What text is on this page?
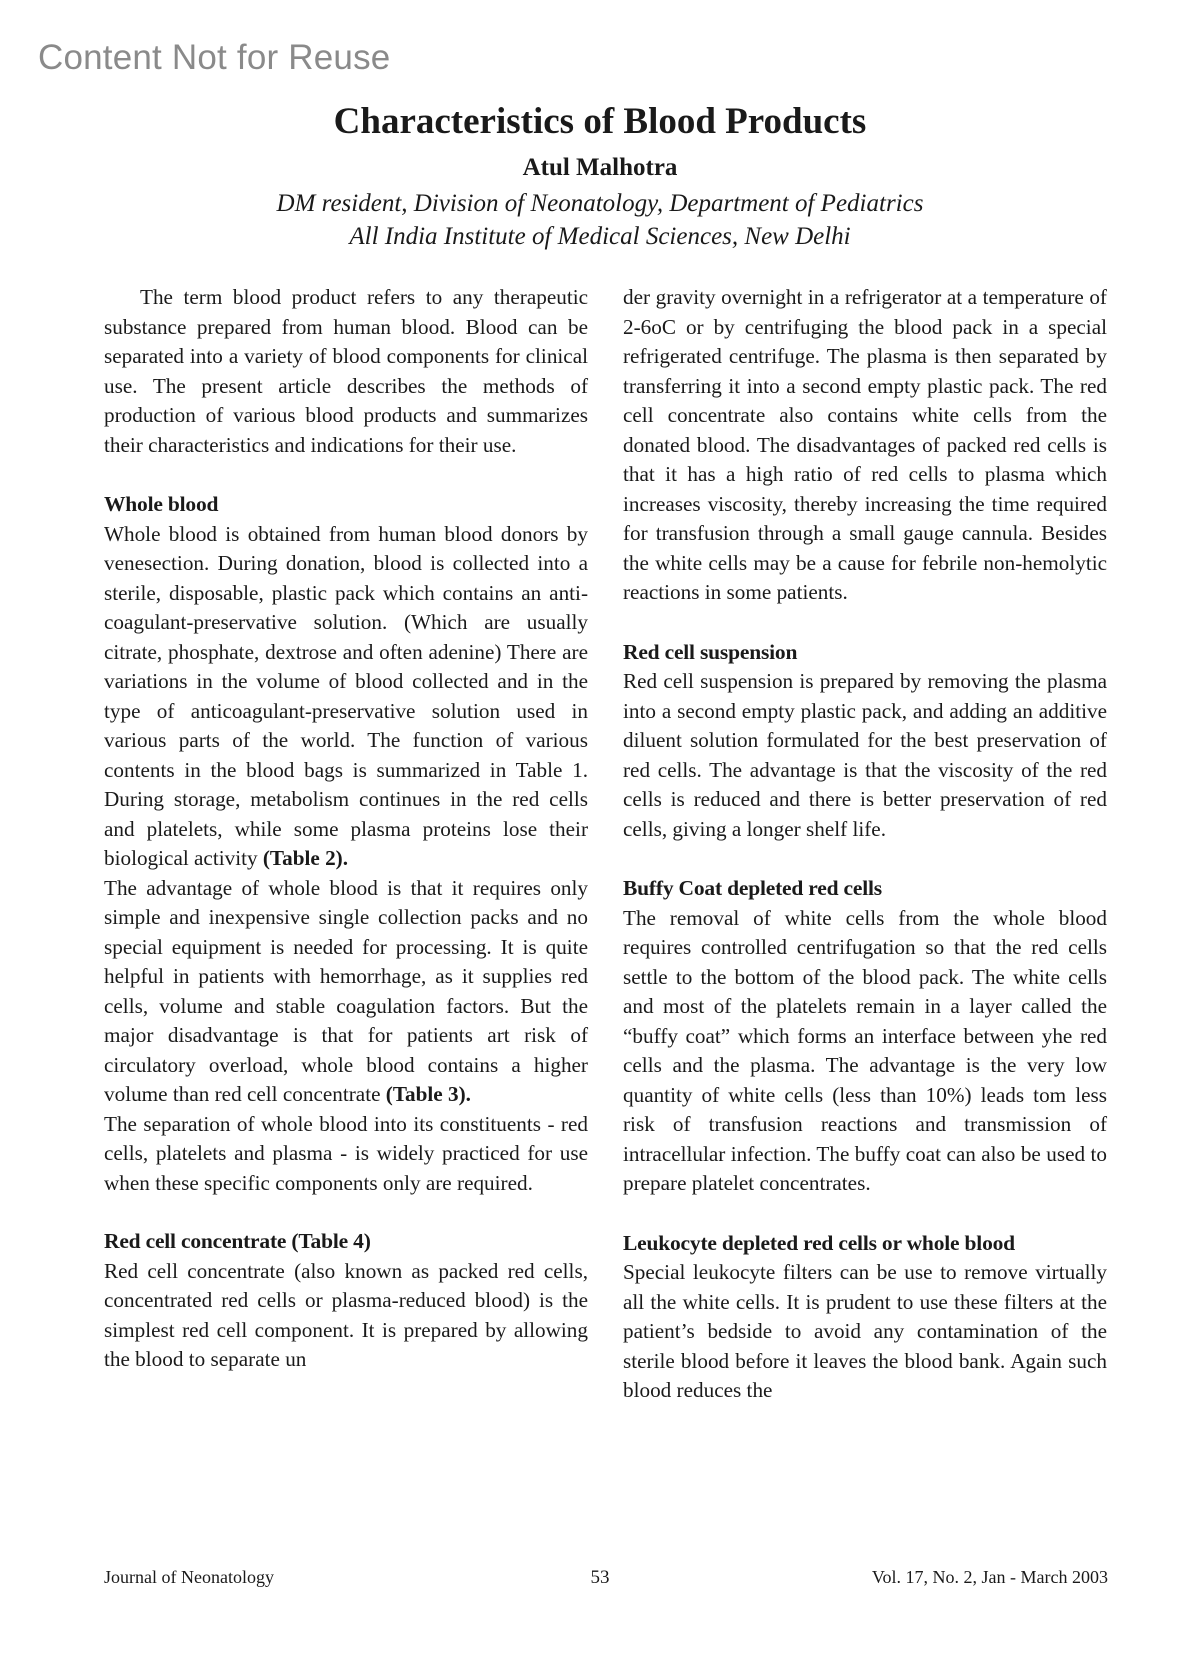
Content Not for Reuse
Characteristics of Blood Products
Atul Malhotra
DM resident, Division of Neonatology, Department of Pediatrics
All India Institute of Medical Sciences, New Delhi

The term blood product refers to any therapeutic substance prepared from human blood. Blood can be separated into a variety of blood components for clinical use. The present article describes the methods of production of various blood products and summarizes their characteristics and indications for their use.

Whole blood

Whole blood is obtained from human blood donors by venesection. During donation, blood is collected into a sterile, disposable, plastic pack which contains an anti-coagulant-preservative solution. (Which are usually citrate, phosphate, dextrose and often adenine) There are variations in the volume of blood collected and in the type of anticoagulant-preservative solution used in various parts of the world. The function of various contents in the blood bags is summarized in Table 1. During storage, metabolism continues in the red cells and platelets, while some plasma proteins lose their biological activity (Table 2).

The advantage of whole blood is that it requires only simple and inexpensive single collection packs and no special equipment is needed for processing. It is quite helpful in patients with hemorrhage, as it supplies red cells, volume and stable coagulation factors. But the major disadvantage is that for patients art risk of circulatory overload, whole blood contains a higher volume than red cell concentrate (Table 3).

The separation of whole blood into its constituents - red cells, platelets and plasma - is widely practiced for use when these specific components only are required.

Red cell concentrate (Table 4)

Red cell concentrate (also known as packed red cells, concentrated red cells or plasma-reduced blood) is the simplest red cell component. It is prepared by allowing the blood to separate un

der gravity overnight in a refrigerator at a temperature of 2-6oC or by centrifuging the blood pack in a special refrigerated centrifuge. The plasma is then separated by transferring it into a second empty plastic pack. The red cell concentrate also contains white cells from the donated blood. The disadvantages of packed red cells is that it has a high ratio of red cells to plasma which increases viscosity, thereby increasing the time required for transfusion through a small gauge cannula. Besides the white cells may be a cause for febrile non-hemolytic reactions in some patients.

Red cell suspension

Red cell suspension is prepared by removing the plasma into a second empty plastic pack, and adding an additive diluent solution formulated for the best preservation of red cells. The advantage is that the viscosity of the red cells is reduced and there is better preservation of red cells, giving a longer shelf life.

Buffy Coat depleted red cells

The removal of white cells from the whole blood requires controlled centrifugation so that the red cells settle to the bottom of the blood pack. The white cells and most of the platelets remain in a layer called the “buffy coat” which forms an interface between yhe red cells and the plasma. The advantage is the very low quantity of white cells (less than 10%) leads tom less risk of transfusion reactions and transmission of intracellular infection. The buffy coat can also be used to prepare platelet concentrates.

Leukocyte depleted red cells or whole blood

Special leukocyte filters can be use to remove virtually all the white cells. It is prudent to use these filters at the patient’s bedside to avoid any contamination of the sterile blood before it leaves the blood bank. Again such blood reduces the

Journal of Neonatology	53	Vol. 17, No. 2, Jan - March 2003
